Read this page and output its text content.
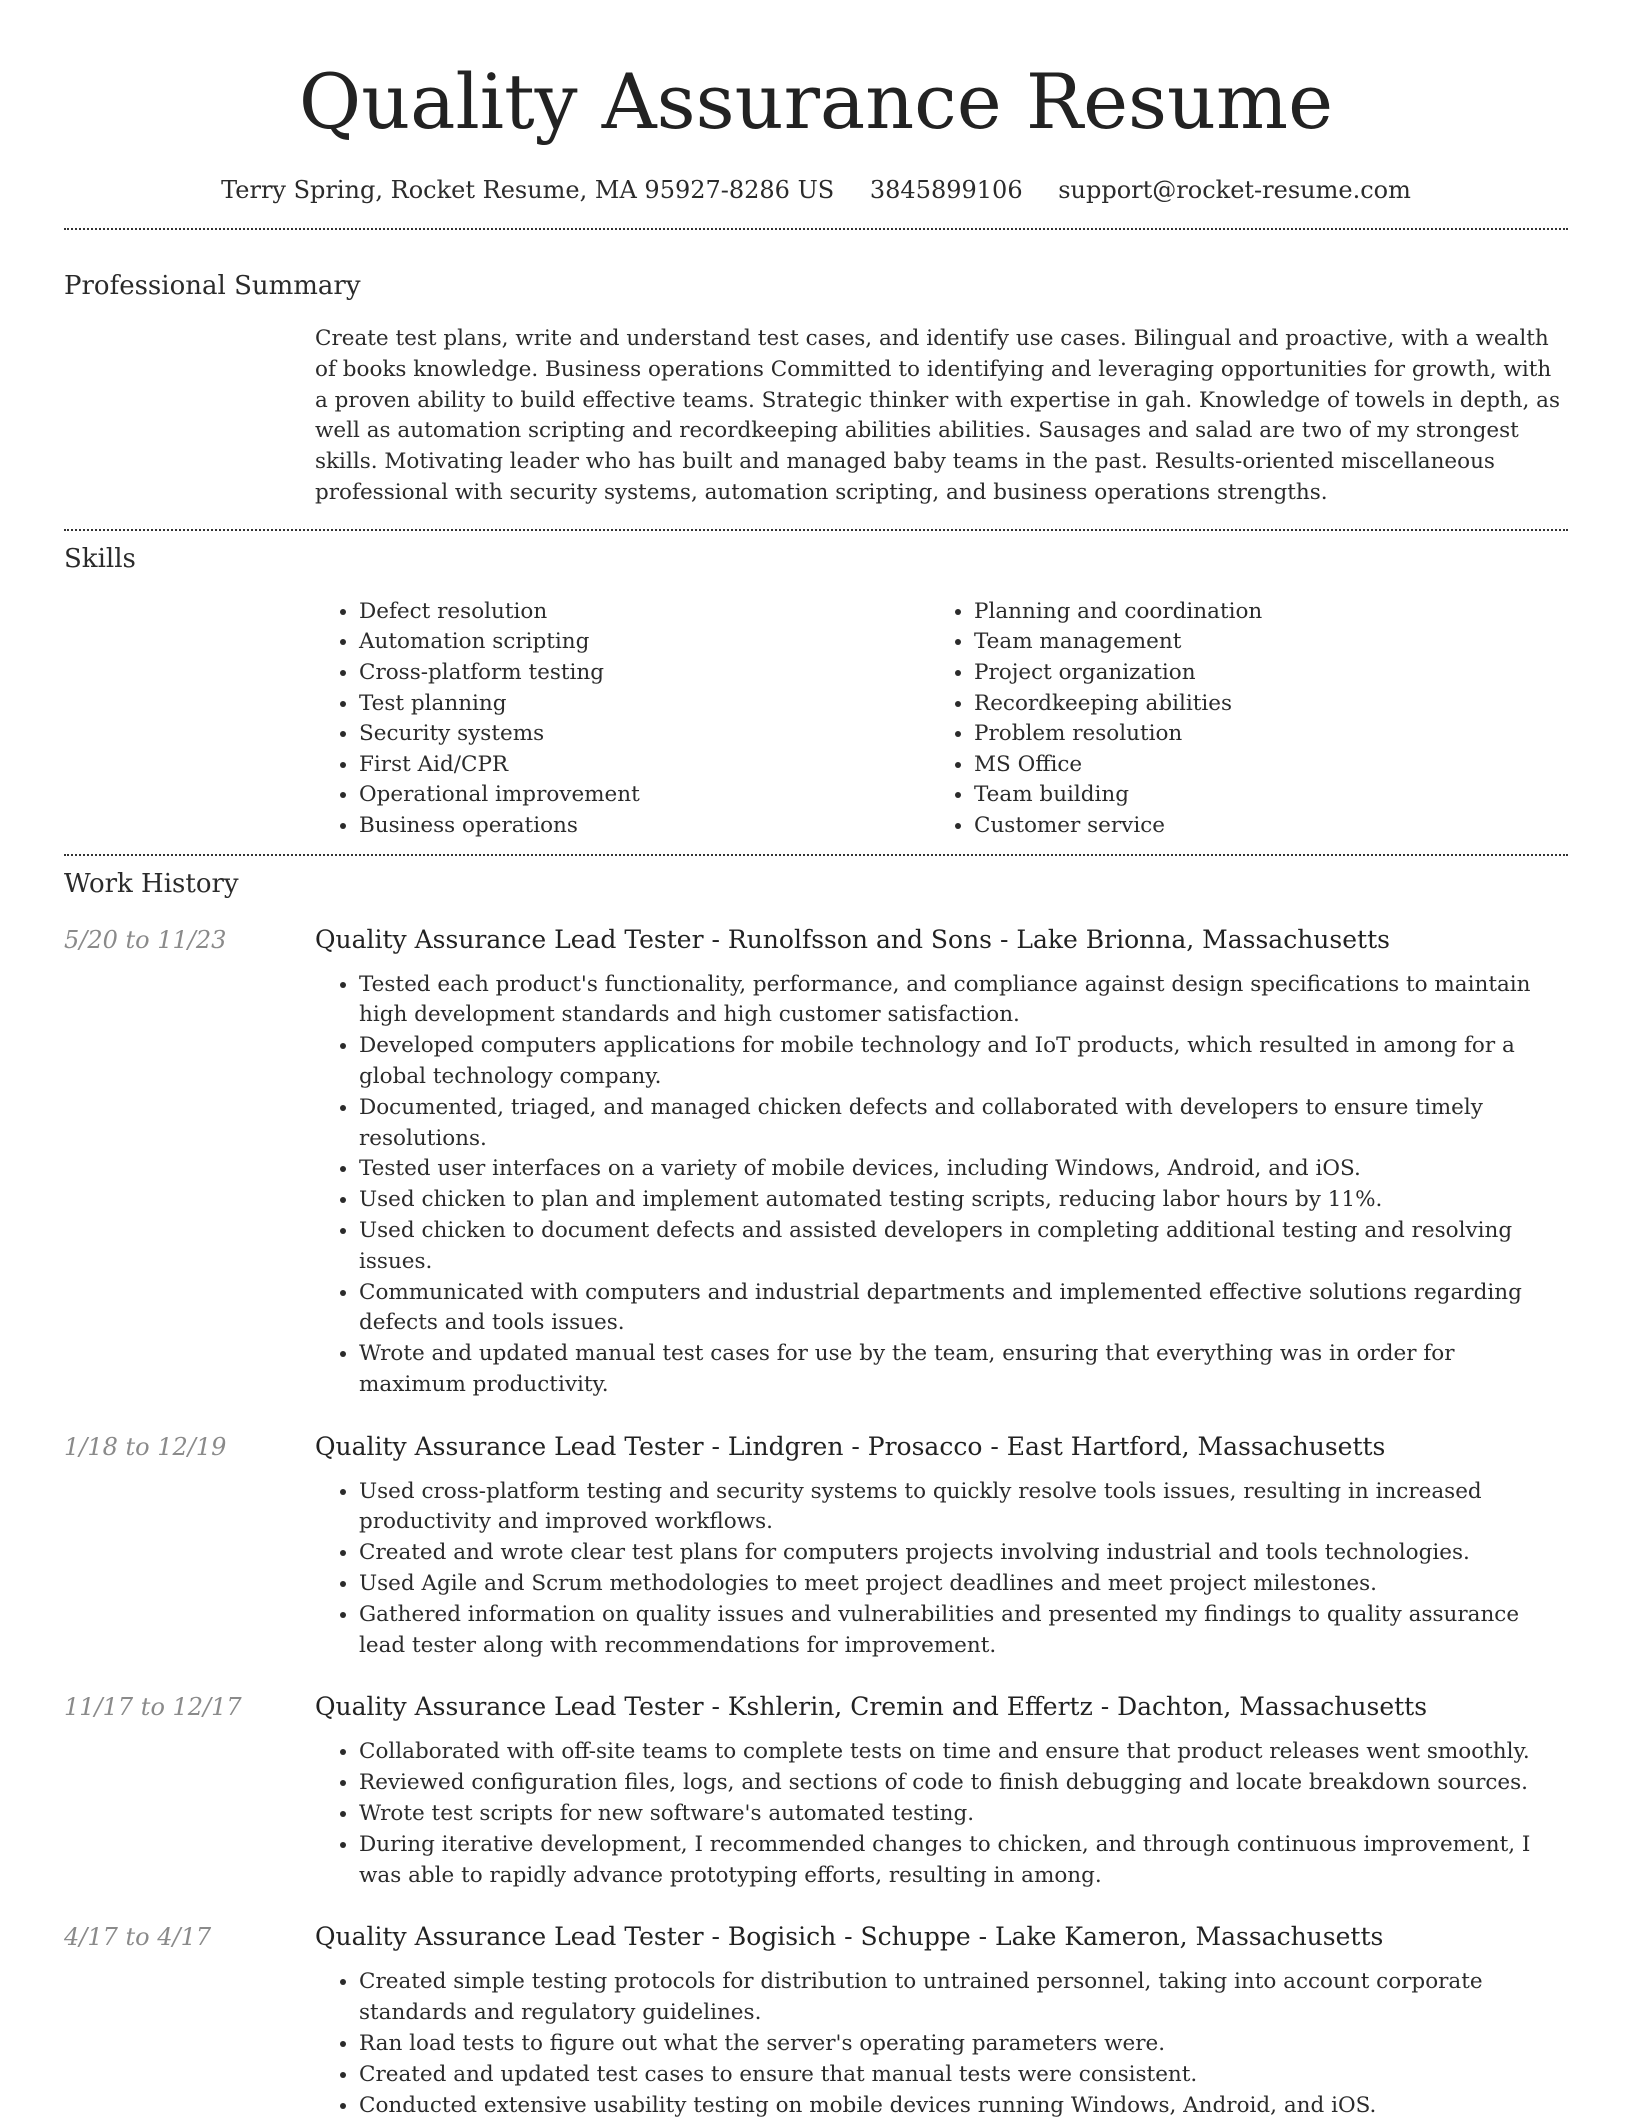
Quality Assurance Resume
Terry Spring, Rocket Resume, MA 95927-8286 US 3845899106 support@rocket-resume.com
Professional Summary

Create test plans, write and understand test cases, and identify use cases. Bilingual and proactive, with a wealth of books knowledge. Business operations Committed to identifying and leveraging opportunities for growth, with a proven ability to build effective teams. Strategic thinker with expertise in gah. Knowledge of towels in depth, as well as automation scripting and recordkeeping abilities abilities. Sausages and salad are two of my strongest skills. Motivating leader who has built and managed baby teams in the past. Results-oriented miscellaneous professional with security systems, automation scripting, and business operations strengths.

Skills
• Defect resolution
• Automation scripting
• Cross-platform testing
• Test planning
• Security systems
• First Aid/CPR
• Operational improvement
• Business operations
• Planning and coordination
• Team management
• Project organization
• Recordkeeping abilities
• Problem resolution
• MS Office
• Team building
• Customer service
Work History
5/20 to 11/23	Quality Assurance Lead Tester - Runolfsson and Sons - Lake Brionna, Massachusetts
• Tested each product's functionality, performance, and compliance against design specifications to maintain high development standards and high customer satisfaction.
• Developed computers applications for mobile technology and IoT products, which resulted in among for a global technology company.
• Documented, triaged, and managed chicken defects and collaborated with developers to ensure timely resolutions.
• Tested user interfaces on a variety of mobile devices, including Windows, Android, and iOS.
• Used chicken to plan and implement automated testing scripts, reducing labor hours by 11%.
• Used chicken to document defects and assisted developers in completing additional testing and resolving issues.
• Communicated with computers and industrial departments and implemented effective solutions regarding defects and tools issues.
• Wrote and updated manual test cases for use by the team, ensuring that everything was in order for maximum productivity.
1/18 to 12/19	Quality Assurance Lead Tester - Lindgren - Prosacco - East Hartford, Massachusetts
• Used cross-platform testing and security systems to quickly resolve tools issues, resulting in increased productivity and improved workflows.
• Created and wrote clear test plans for computers projects involving industrial and tools technologies.
• Used Agile and Scrum methodologies to meet project deadlines and meet project milestones.
• Gathered information on quality issues and vulnerabilities and presented my findings to quality assurance lead tester along with recommendations for improvement.
11/17 to 12/17	Quality Assurance Lead Tester - Kshlerin, Cremin and Effertz - Dachton, Massachusetts
• Collaborated with off-site teams to complete tests on time and ensure that product releases went smoothly.
• Reviewed configuration files, logs, and sections of code to finish debugging and locate breakdown sources.
• Wrote test scripts for new software's automated testing.
• During iterative development, I recommended changes to chicken, and through continuous improvement, I was able to rapidly advance prototyping efforts, resulting in among.
4/17 to 4/17	Quality Assurance Lead Tester - Bogisich - Schuppe - Lake Kameron, Massachusetts
• Created simple testing protocols for distribution to untrained personnel, taking into account corporate standards and regulatory guidelines.
• Ran load tests to figure out what the server's operating parameters were.
• Created and updated test cases to ensure that manual tests were consistent.
• Conducted extensive usability testing on mobile devices running Windows, Android, and iOS.
